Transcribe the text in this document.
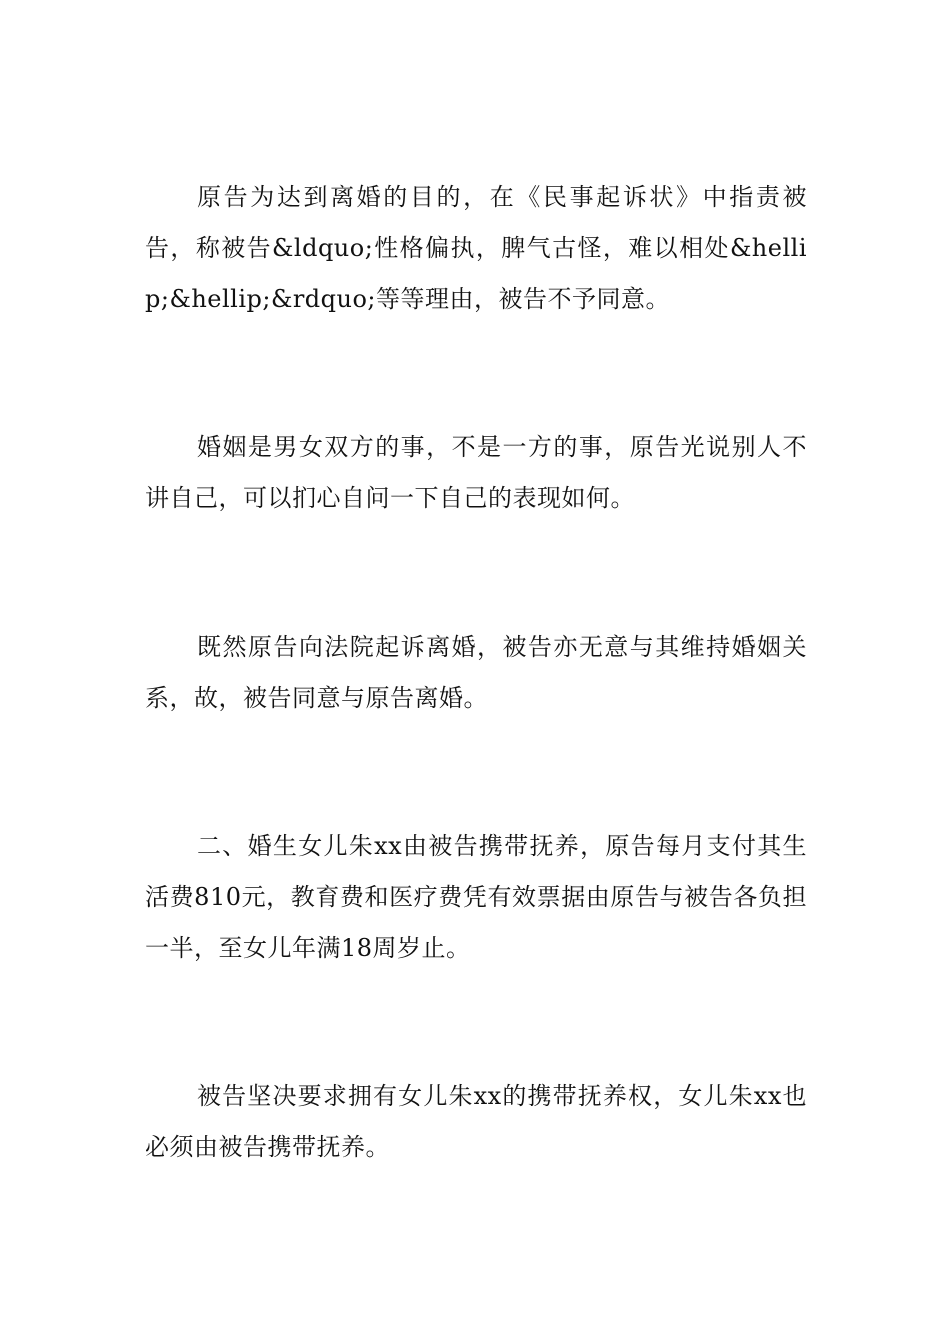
原告为达到离婚的目的，在《民事起诉状》中指责被告，称被告&ldquo;性格偏执，脾气古怪，难以相处&hellip;&hellip;&rdquo;等等理由，被告不予同意。

婚姻是男女双方的事，不是一方的事，原告光说别人不讲自己，可以扪心自问一下自己的表现如何。

既然原告向法院起诉离婚，被告亦无意与其维持婚姻关系，故，被告同意与原告离婚。

二、婚生女儿朱xx由被告携带抚养，原告每月支付其生活费810元，教育费和医疗费凭有效票据由原告与被告各负担一半，至女儿年满18周岁止。

被告坚决要求拥有女儿朱xx的携带抚养权，女儿朱xx也必须由被告携带抚养。
